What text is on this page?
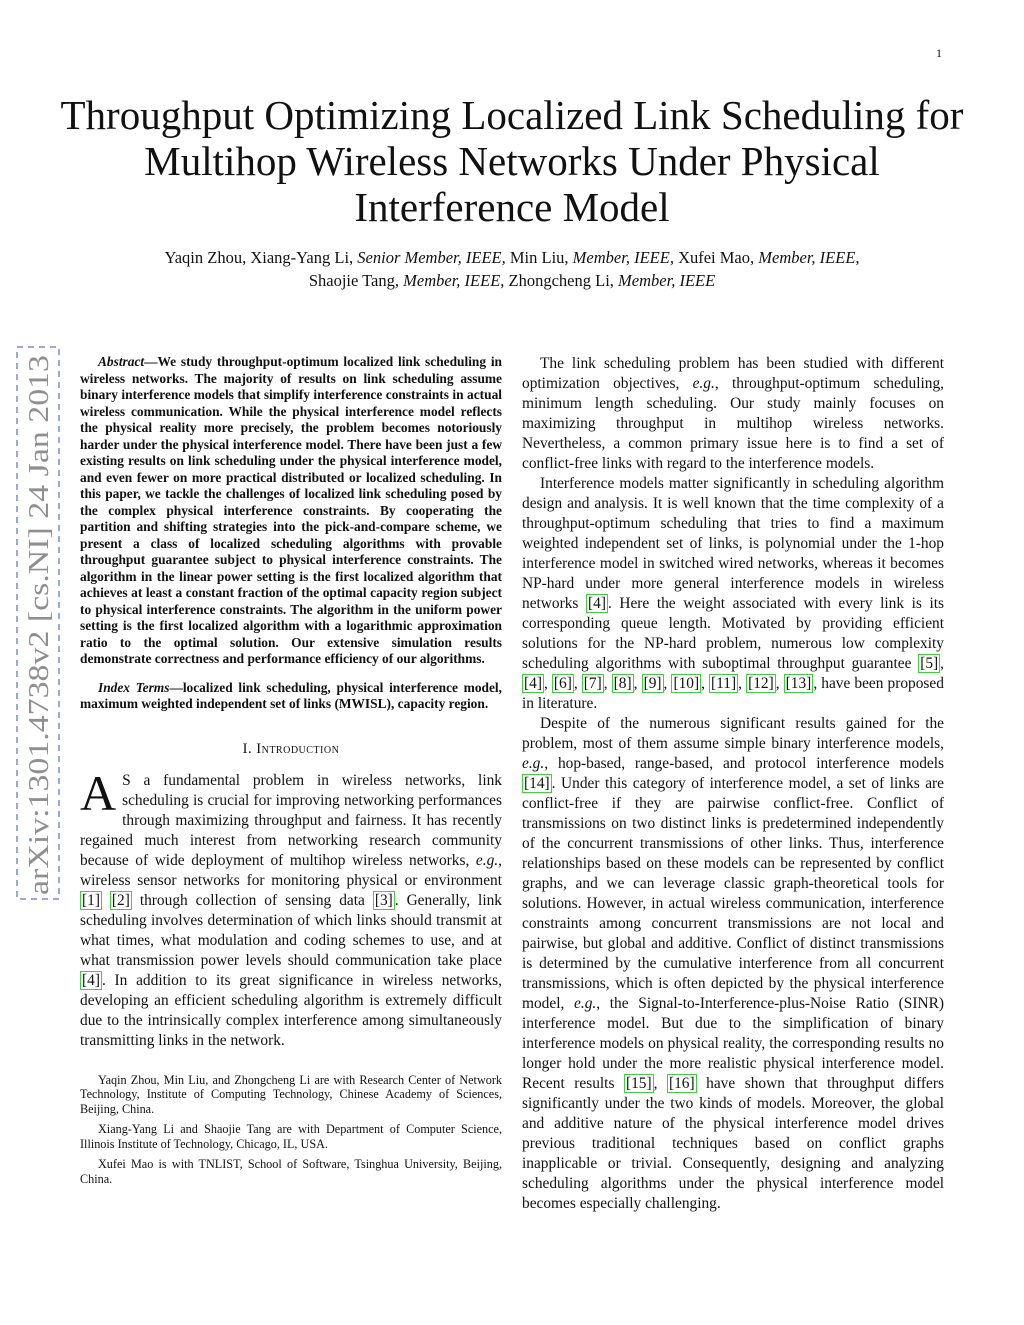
1
Throughput Optimizing Localized Link Scheduling for Multihop Wireless Networks Under Physical Interference Model
Yaqin Zhou, Xiang-Yang Li, Senior Member, IEEE, Min Liu, Member, IEEE, Xufei Mao, Member, IEEE,
Shaojie Tang, Member, IEEE, Zhongcheng Li, Member, IEEE
arXiv:1301.4738v2 [cs.NI] 24 Jan 2013

Abstract—We study throughput-optimum localized link scheduling in wireless networks. The majority of results on link scheduling assume binary interference models that simplify interference constraints in actual wireless communication. While the physical interference model reflects the physical reality more precisely, the problem becomes notoriously harder under the physical interference model. There have been just a few existing results on link scheduling under the physical interference model, and even fewer on more practical distributed or localized scheduling. In this paper, we tackle the challenges of localized link scheduling posed by the complex physical interference constraints. By cooperating the partition and shifting strategies into the pick-and-compare scheme, we present a class of localized scheduling algorithms with provable throughput guarantee subject to physical interference constraints. The algorithm in the linear power setting is the first localized algorithm that achieves at least a constant fraction of the optimal capacity region subject to physical interference constraints. The algorithm in the uniform power setting is the first localized algorithm with a logarithmic approximation ratio to the optimal solution. Our extensive simulation results demonstrate correctness and performance efficiency of our algorithms.

Index Terms—localized link scheduling, physical interference model, maximum weighted independent set of links (MWISL), capacity region.

I. Introduction

A S a fundamental problem in wireless networks, link scheduling is crucial for improving networking performances through maximizing throughput and fairness. It has recently regained much interest from networking research community because of wide deployment of multihop wireless networks, e.g., wireless sensor networks for monitoring physical or environment [1] [2] through collection of sensing data [3] . Generally, link scheduling involves determination of which links should transmit at what times, what modulation and coding schemes to use, and at what transmission power levels should communication take place [4] . In addition to its great significance in wireless networks, developing an efficient scheduling algorithm is extremely difficult due to the intrinsically complex interference among simultaneously transmitting links in the network.

Yaqin Zhou, Min Liu, and Zhongcheng Li are with Research Center of Network Technology, Institute of Computing Technology, Chinese Academy of Sciences, Beijing, China.

Xiang-Yang Li and Shaojie Tang are with Department of Computer Science, Illinois Institute of Technology, Chicago, IL, USA.

Xufei Mao is with TNLIST, School of Software, Tsinghua University, Beijing, China.

The link scheduling problem has been studied with different optimization objectives, e.g., throughput-optimum scheduling, minimum length scheduling. Our study mainly focuses on maximizing throughput in multihop wireless networks. Nevertheless, a common primary issue here is to find a set of conflict-free links with regard to the interference models.

Interference models matter significantly in scheduling algorithm design and analysis. It is well known that the time complexity of a throughput-optimum scheduling that tries to find a maximum weighted independent set of links, is polynomial under the 1-hop interference model in switched wired networks, whereas it becomes NP-hard under more general interference models in wireless networks [4] . Here the weight associated with every link is its corresponding queue length. Motivated by providing efficient solutions for the NP-hard problem, numerous low complexity scheduling algorithms with suboptimal throughput guarantee [5] , [4] , [6] , [7] , [8] , [9] , [10] , [11] , [12] , [13] , have been proposed in literature.

Despite of the numerous significant results gained for the problem, most of them assume simple binary interference models, e.g., hop-based, range-based, and protocol interference models [14] . Under this category of interference model, a set of links are conflict-free if they are pairwise conflict-free. Conflict of transmissions on two distinct links is predetermined independently of the concurrent transmissions of other links. Thus, interference relationships based on these models can be represented by conflict graphs, and we can leverage classic graph-theoretical tools for solutions. However, in actual wireless communication, interference constraints among concurrent transmissions are not local and pairwise, but global and additive. Conflict of distinct transmissions is determined by the cumulative interference from all concurrent transmissions, which is often depicted by the physical interference model, e.g., the Signal-to-Interference-plus-Noise Ratio (SINR) interference model. But due to the simplification of binary interference models on physical reality, the corresponding results no longer hold under the more realistic physical interference model. Recent results [15] , [16] have shown that throughput differs significantly under the two kinds of models. Moreover, the global and additive nature of the physical interference model drives previous traditional techniques based on conflict graphs inapplicable or trivial. Consequently, designing and analyzing scheduling algorithms under the physical interference model becomes especially challenging.
